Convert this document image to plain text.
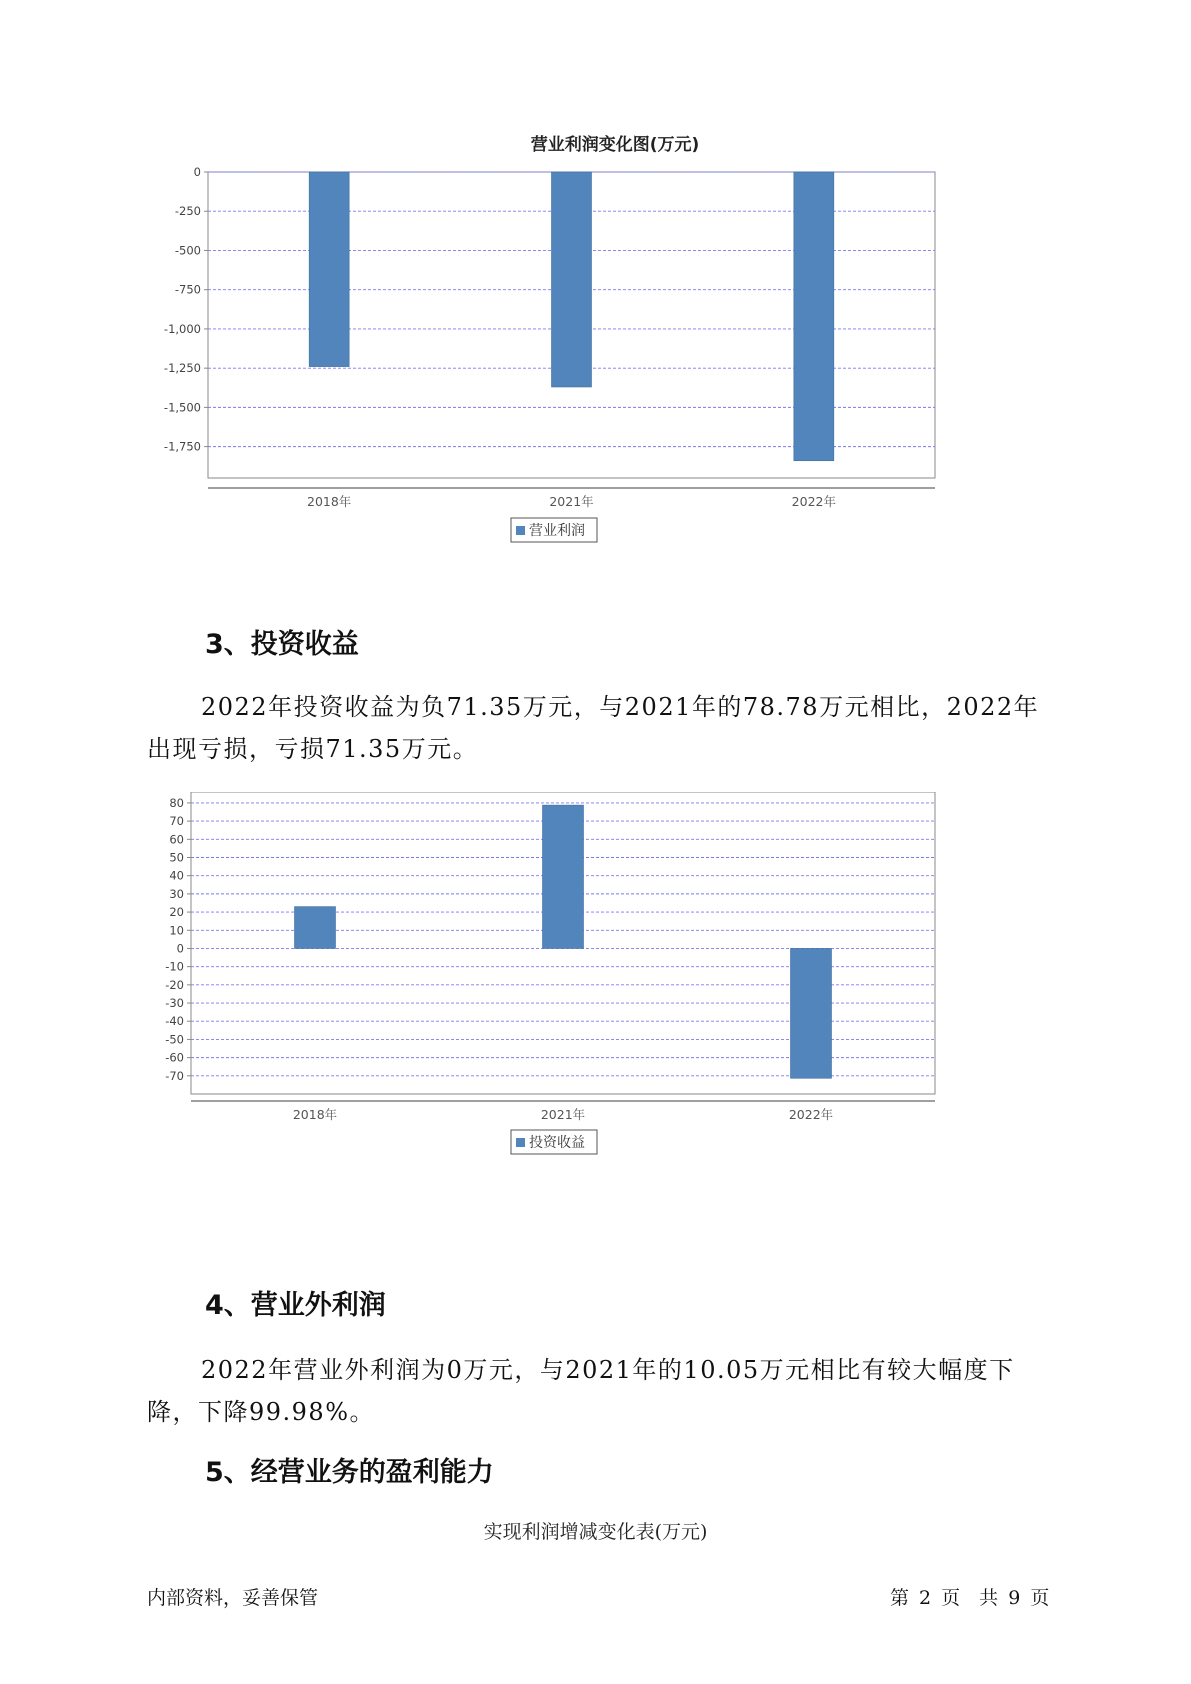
营业利润变化图(万元)
0
-250
-500
-750
-1,000
-1,250
-1,500
-1,750
2018年	2021年	2022年
营业利润
3、投资收益

2022年投资收益为负71.35万元，与2021年的78.78万元相比，2022年出现亏损，亏损71.35万元。

80
70
60
50
40
30
20
10
0
-10
-20
-30
-40
-50
-60
-70
2018年	2021年	2022年
投资收益
4、营业外利润

2022年营业外利润为0万元，与2021年的10.05万元相比有较大幅度下降，下降99.98%。

5、经营业务的盈利能力

实现利润增减变化表(万元)

内部资料，妥善保管	第 2 页　共 9 页
